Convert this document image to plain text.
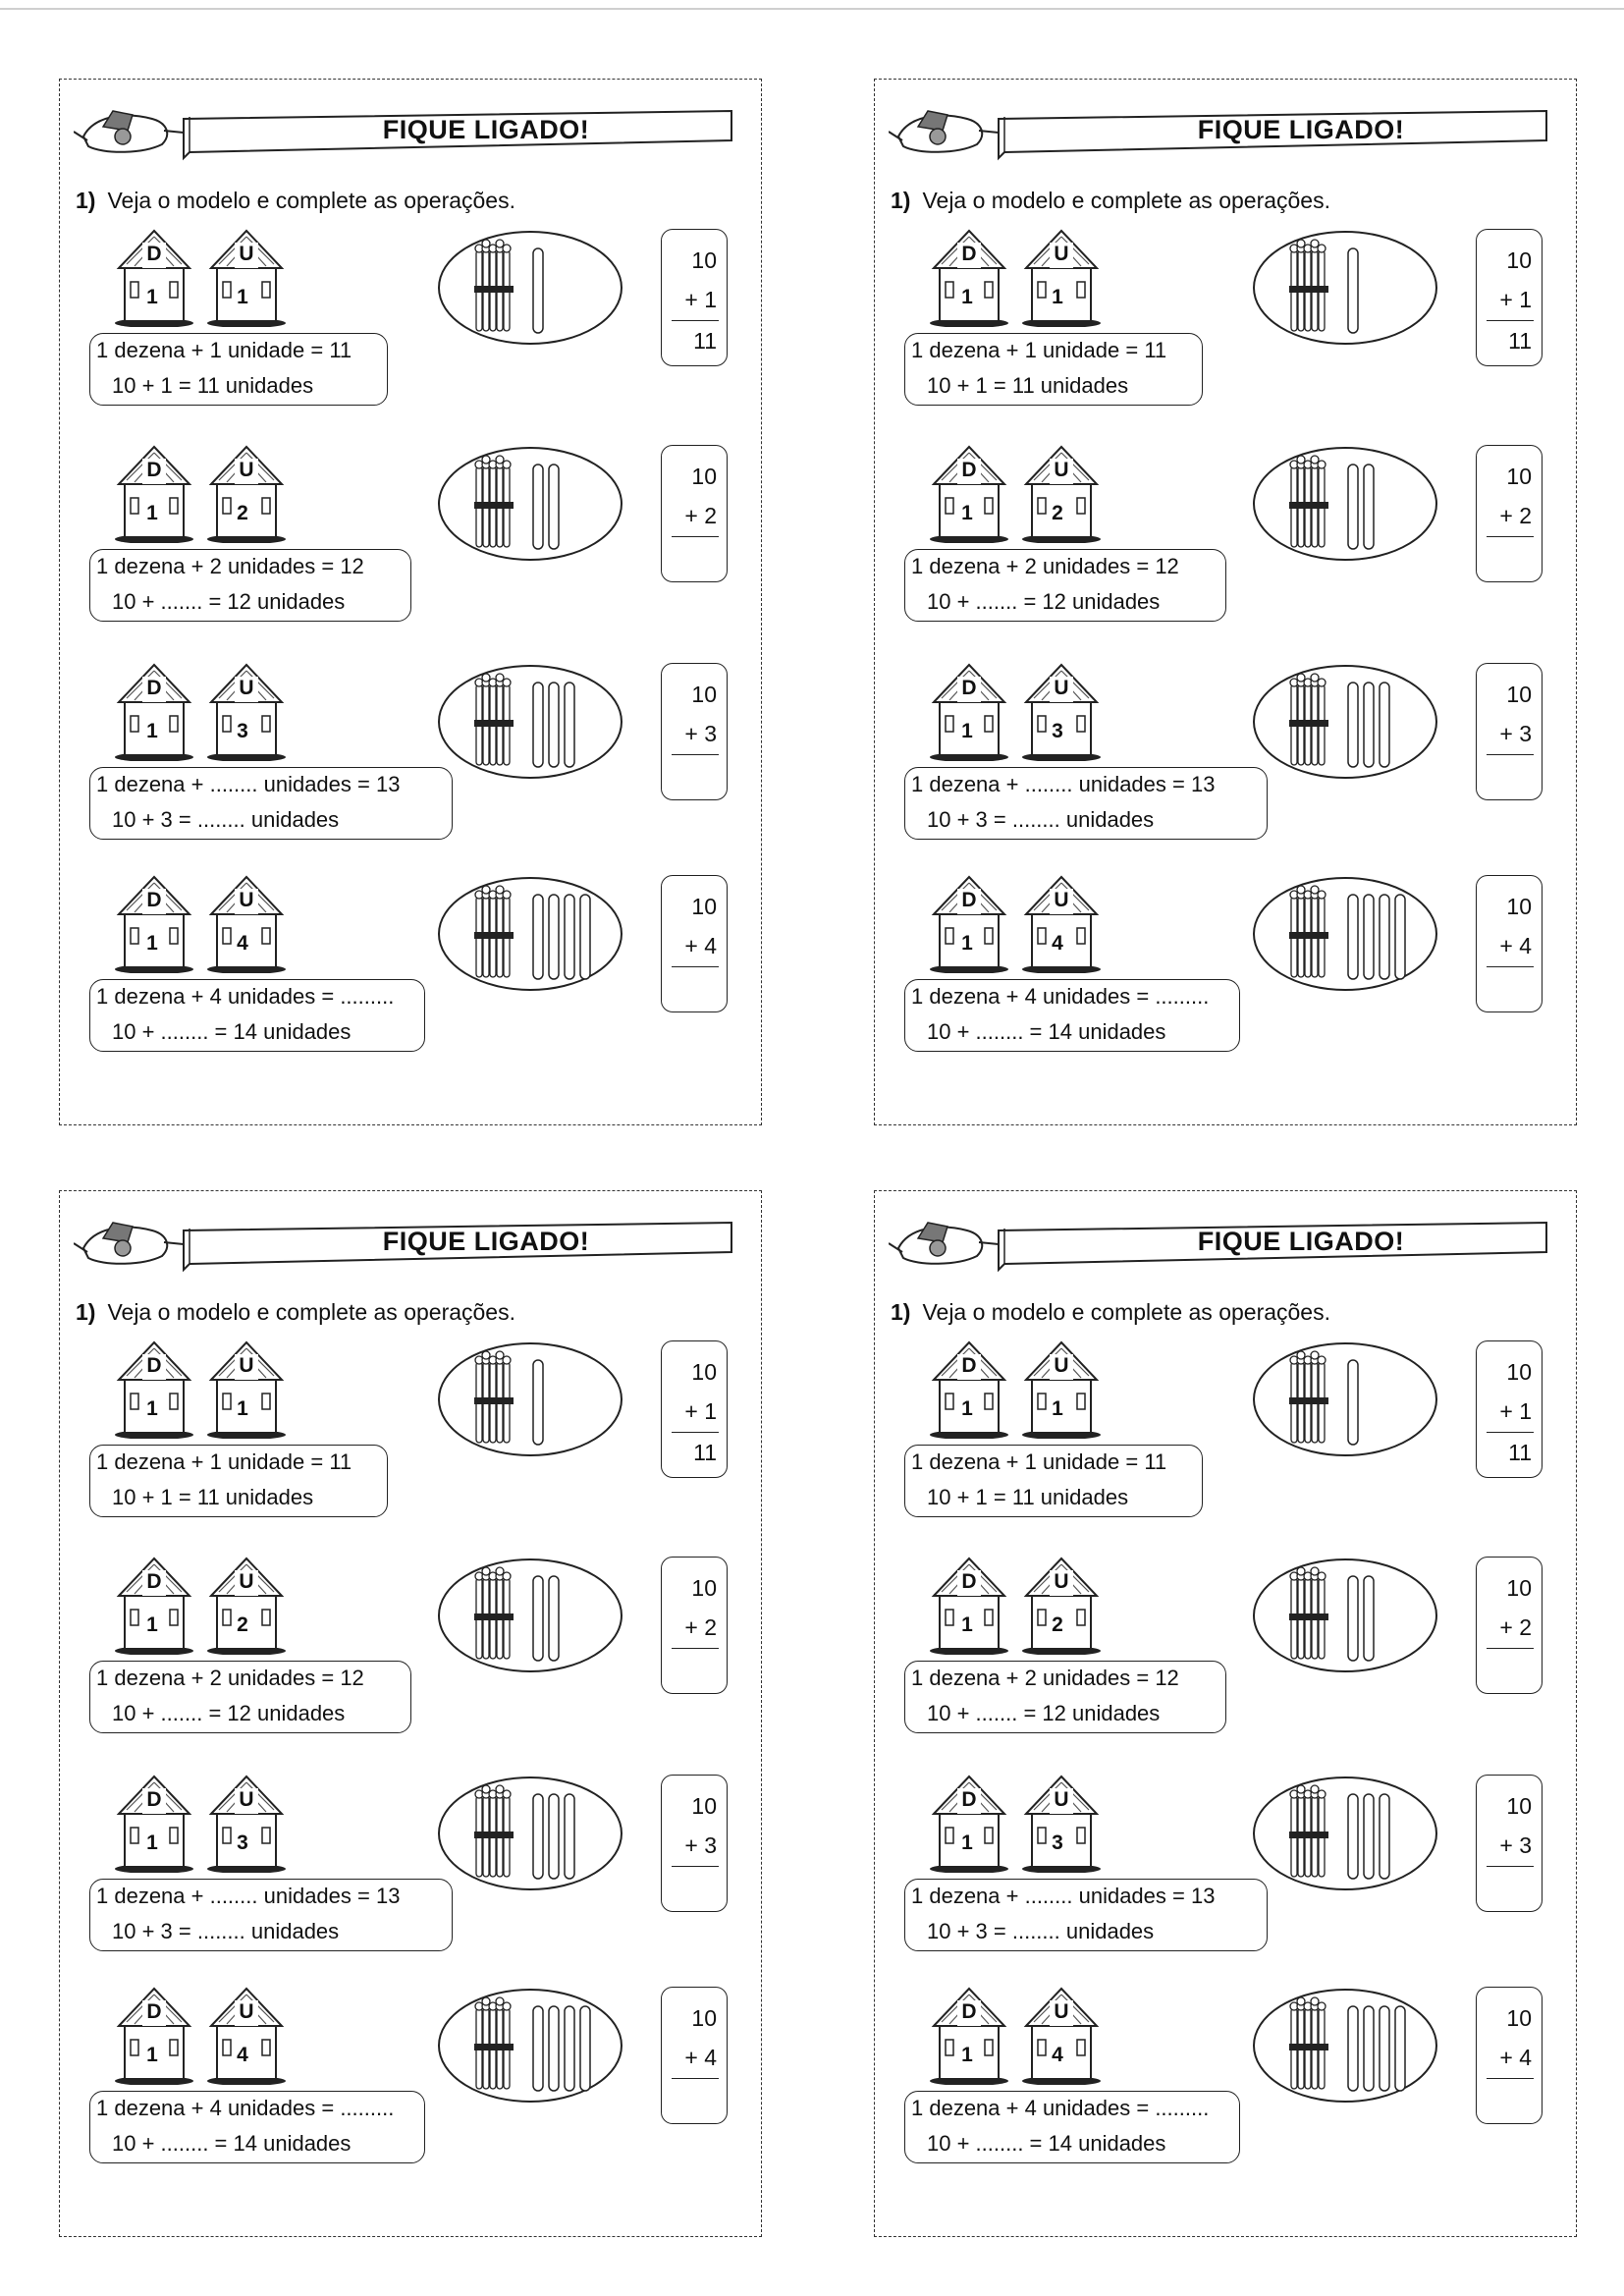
FIQUE LIGADO!
1) Veja o modelo e complete as operações.
D
1
U
1
1 dezena + 1 unidade = 11
10 + 1 = 11 unidades
10
+ 1
11
D
1
U
2
1 dezena + 2 unidades = 12
10 + ....... = 12 unidades
10
+ 2
D
1
U
3
1 dezena + ........ unidades = 13
10 + 3 = ........ unidades
10
+ 3
D
1
U
4
1 dezena + 4 unidades = .........
10 + ........ = 14 unidades
10
+ 4
FIQUE LIGADO!
1) Veja o modelo e complete as operações.
D
1
U
1
1 dezena + 1 unidade = 11
10 + 1 = 11 unidades
10
+ 1
11
D
1
U
2
1 dezena + 2 unidades = 12
10 + ....... = 12 unidades
10
+ 2
D
1
U
3
1 dezena + ........ unidades = 13
10 + 3 = ........ unidades
10
+ 3
D
1
U
4
1 dezena + 4 unidades = .........
10 + ........ = 14 unidades
10
+ 4
FIQUE LIGADO!
1) Veja o modelo e complete as operações.
D
1
U
1
1 dezena + 1 unidade = 11
10 + 1 = 11 unidades
10
+ 1
11
D
1
U
2
1 dezena + 2 unidades = 12
10 + ....... = 12 unidades
10
+ 2
D
1
U
3
1 dezena + ........ unidades = 13
10 + 3 = ........ unidades
10
+ 3
D
1
U
4
1 dezena + 4 unidades = .........
10 + ........ = 14 unidades
10
+ 4
FIQUE LIGADO!
1) Veja o modelo e complete as operações.
D
1
U
1
1 dezena + 1 unidade = 11
10 + 1 = 11 unidades
10
+ 1
11
D
1
U
2
1 dezena + 2 unidades = 12
10 + ....... = 12 unidades
10
+ 2
D
1
U
3
1 dezena + ........ unidades = 13
10 + 3 = ........ unidades
10
+ 3
D
1
U
4
1 dezena + 4 unidades = .........
10 + ........ = 14 unidades
10
+ 4
